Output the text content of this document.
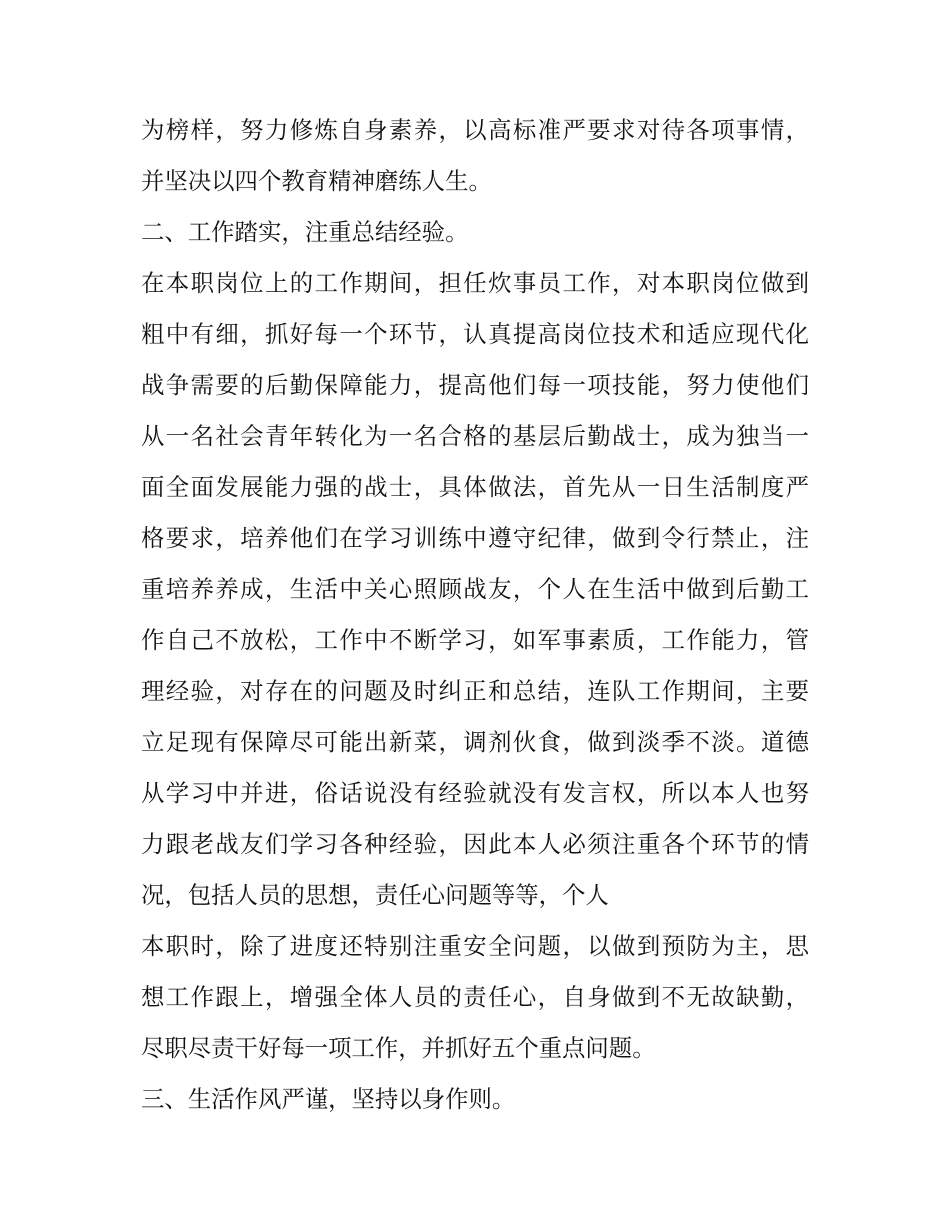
为榜样，努力修炼自身素养，以高标准严要求对待各项事情，
并坚决以四个教育精神磨练人生。
二、工作踏实，注重总结经验。
在本职岗位上的工作期间，担任炊事员工作，对本职岗位做到
粗中有细，抓好每一个环节，认真提高岗位技术和适应现代化
战争需要的后勤保障能力，提高他们每一项技能，努力使他们
从一名社会青年转化为一名合格的基层后勤战士，成为独当一
面全面发展能力强的战士，具体做法，首先从一日生活制度严
格要求，培养他们在学习训练中遵守纪律，做到令行禁止，注
重培养养成，生活中关心照顾战友，个人在生活中做到后勤工
作自己不放松，工作中不断学习，如军事素质，工作能力，管
理经验，对存在的问题及时纠正和总结，连队工作期间，主要
立足现有保障尽可能出新菜，调剂伙食，做到淡季不淡。道德
从学习中并进，俗话说没有经验就没有发言权，所以本人也努
力跟老战友们学习各种经验，因此本人必须注重各个环节的情
况，包括人员的思想，责任心问题等等，个人
本职时，除了进度还特别注重安全问题，以做到预防为主，思
想工作跟上，增强全体人员的责任心，自身做到不无故缺勤，
尽职尽责干好每一项工作，并抓好五个重点问题。
三、生活作风严谨，坚持以身作则。
